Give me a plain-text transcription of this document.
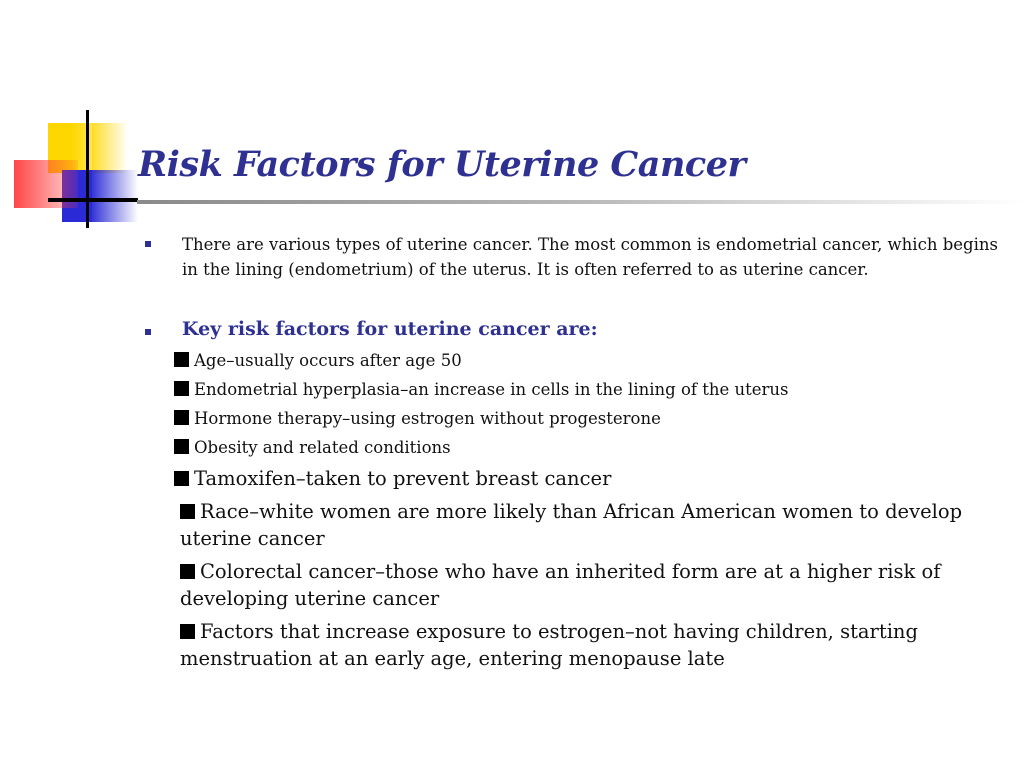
Risk Factors for Uterine Cancer

There are various types of uterine cancer. The most common is endometrial cancer, which begins in the lining (endometrium) of the uterus. It is often referred to as uterine cancer.

Key risk factors for uterine cancer are:

Age–usually occurs after age 50

Endometrial hyperplasia–an increase in cells in the lining of the uterus

Hormone therapy–using estrogen without progesterone

Obesity and related conditions

Tamoxifen–taken to prevent breast cancer

Race–white women are more likely than African American women to develop uterine cancer

Colorectal cancer–those who have an inherited form are at a higher risk of developing uterine cancer

Factors that increase exposure to estrogen–not having children, starting menstruation at an early age, entering menopause late
